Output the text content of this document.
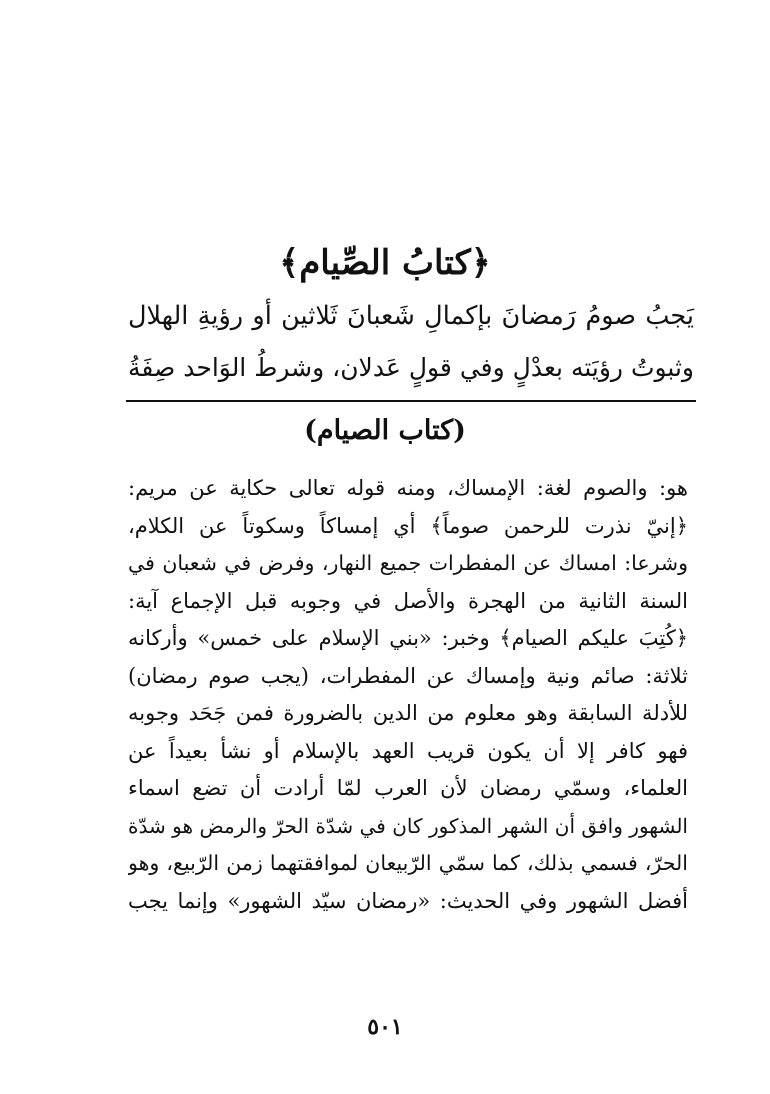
﴿كتابُ الصِّيام﴾
يَجبُ صومُ رَمضانَ بإكمالِ شَعبانَ ثَلاثين أو رؤيةِ الهلال
وثبوتُ رؤيَته بعدْلٍ وفي قولٍ عَدلان، وشرطُ الوَاحد صِفَةُ
(كتاب الصيام)
هو: والصوم لغة: الإمساك، ومنه قوله تعالى حكاية عن مريم:
﴿إنيّ نذرت للرحمن صوماً﴾ أي إمساكاً وسكوتاً عن الكلام،
وشرعا: امساك عن المفطرات جميع النهار، وفرض في شعبان في
السنة الثانية من الهجرة والأصل في وجوبه قبل الإجماع آية:
﴿كُتِبَ عليكم الصيام﴾ وخبر: «بني الإسلام على خمس» وأركانه
ثلاثة: صائم ونية وإمساك عن المفطرات، (يجب صوم رمضان)
للأدلة السابقة وهو معلوم من الدين بالضرورة فمن جَحَد وجوبه
فهو كافر إلا أن يكون قريب العهد بالإسلام أو نشأ بعيداً عن
العلماء، وسمّي رمضان لأن العرب لمّا أرادت أن تضع اسماء
الشهور وافق أن الشهر المذكور كان في شدّة الحرّ والرمض هو شدّة
الحرّ، فسمي بذلك، كما سمّي الرّبيعان لموافقتهما زمن الرّبيع، وهو
أفضل الشهور وفي الحديث: «رمضان سيّد الشهور» وإنما يجب
٥٠١
